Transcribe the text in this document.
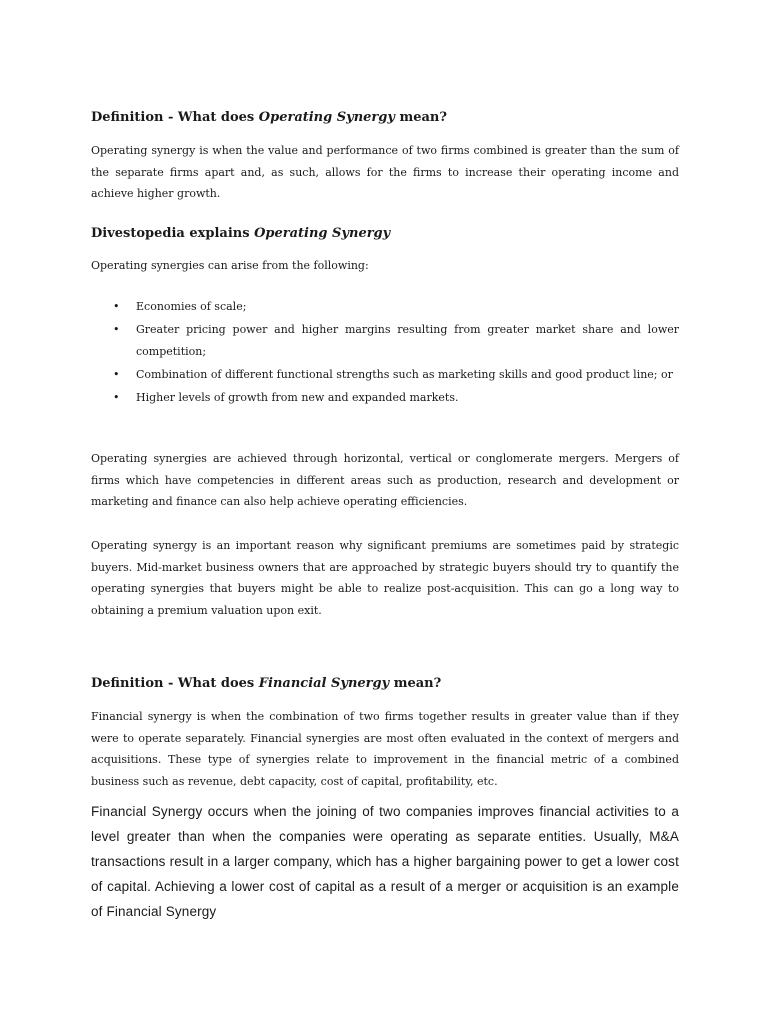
Definition - What does Operating Synergy mean?

Operating synergy is when the value and performance of two firms combined is greater than the sum of the separate firms apart and, as such, allows for the firms to increase their operating income and achieve higher growth.

Divestopedia explains Operating Synergy

Operating synergies can arise from the following:

• Economies of scale;
• Greater pricing power and higher margins resulting from greater market share and lower competition;
• Combination of different functional strengths such as marketing skills and good product line; or
• Higher levels of growth from new and expanded markets.

Operating synergies are achieved through horizontal, vertical or conglomerate mergers. Mergers of firms which have competencies in different areas such as production, research and development or marketing and finance can also help achieve operating efficiencies.

Operating synergy is an important reason why significant premiums are sometimes paid by strategic buyers. Mid-market business owners that are approached by strategic buyers should try to quantify the operating synergies that buyers might be able to realize post-acquisition. This can go a long way to obtaining a premium valuation upon exit.

Definition - What does Financial Synergy mean?

Financial synergy is when the combination of two firms together results in greater value than if they were to operate separately. Financial synergies are most often evaluated in the context of mergers and acquisitions. These type of synergies relate to improvement in the financial metric of a combined business such as revenue, debt capacity, cost of capital, profitability, etc.

Financial Synergy occurs when the joining of two companies improves financial activities to a level greater than when the companies were operating as separate entities. Usually, M&A transactions result in a larger company, which has a higher bargaining power to get a lower cost of capital. Achieving a lower cost of capital as a result of a merger or acquisition is an example of Financial Synergy
